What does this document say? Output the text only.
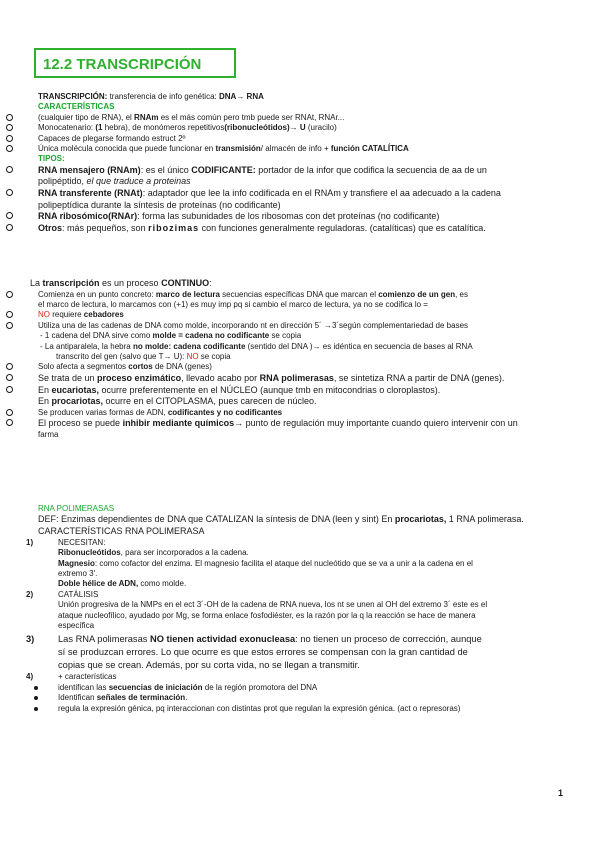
12.2 TRANSCRIPCIÓN

TRANSCRIPCIÓN: transferencia de info genética: DNA→ RNA

CARACTERÍSTICAS

(cualquier tipo de RNA), el RNAm es el más común pero tmb puede ser RNAt, RNAr...

Monocatenario: (1 hebra), de monómeros repetitivos(ribonucleótidos)→ U (uracilo)

Capaces de plegarse formando estruct 2º

Única molécula conocida que puede funcionar en transmisión/ almacén de info + función CATALÍTICA

TIPOS:

RNA mensajero (RNAm): es el único CODIFICANTE: portador de la infor que codifica la secuencia de aa de un

polipéptido, el que traduce a proteinas

RNA transferente (RNAt): adaptador que lee la info codificada en el RNAm y transfiere el aa adecuado a la cadena

polipeptídica durante la síntesis de proteínas (no codificante)

RNA ribosómico(RNAr): forma las subunidades de los ribosomas con det proteínas (no codificante)

Otros: más pequeños, son ribozimas con funciones generalmente reguladoras. (catalíticas) que es catalítica.

La transcripción es un proceso CONTINUO:

Comienza en un punto concreto: marco de lectura secuencias específicas DNA que marcan el comienzo de un gen, es

el marco de lectura, lo marcamos con (+1) es muy imp pq si cambio el marco de lectura, ya no se codifica lo =

NO requiere cebadores

Utiliza una de las cadenas de DNA como molde, incorporando nt en dirección 5´ →3´según complementariedad de bases

- 1 cadena del DNA sirve como molde = cadena no codificante se copia

- La antiparalela, la hebra no molde: cadena codificante (sentido del DNA )→ es idéntica en secuencia de bases al RNA

transcrito del gen (salvo que T→ U): NO se copia

Solo afecta a segmentos cortos de DNA (genes)

Se trata de un proceso enzimático, llevado acabo por RNA polimerasas, se sintetiza RNA a partir de DNA (genes).

En eucariotas, ocurre preferentemente en el NÚCLEO (aunque tmb en mitocondrias o cloroplastos).

En procariotas, ocurre en el CITOPLASMA, pues carecen de núcleo.

Se producen varias formas de ADN, codificantes y no codificantes

El proceso se puede inhibir mediante químicos→ punto de regulación muy importante cuando quiero intervenir con un

farma

RNA POLIMERASAS

DEF: Enzimas dependientes de DNA que CATALIZAN la síntesis de DNA (leen y sint) En procariotas, 1 RNA polimerasa.

CARACTERÍSTICAS RNA POLIMERASA

1)	NECESITAN:

Ribonucleótidos, para ser incorporados a la cadena.

Magnesio: como cofactor del enzima. El magnesio facilita el ataque del nucleótido que se va a unir a la cadena en el

extremo 3'.

Doble hélice de ADN, como molde.

2)	CATÁLISIS

Unión progresiva de la NMPs en el ect 3´-OH de la cadena de RNA nueva, los nt se unen al OH del extremo 3´ este es el

ataque nucleofílico, ayudado por Mg, se forma enlace fosfodiéster, es la razón por la q la reacción se hace de manera

específica

3)	Las RNA polimerasas NO tienen actividad exonucleasa: no tienen un proceso de corrección, aunque

sí se produzcan errores. Lo que ocurre es que estos errores se compensan con la gran cantidad de

copias que se crean. Además, por su corta vida, no se llegan a transmitir.

4)	+ características

identifican las secuencias de iniciación de la región promotora del DNA

Identifican señales de terminación.

regula la expresión génica, pq interaccionan con distintas prot que regulan la expresión génica. (act o represoras)

1
